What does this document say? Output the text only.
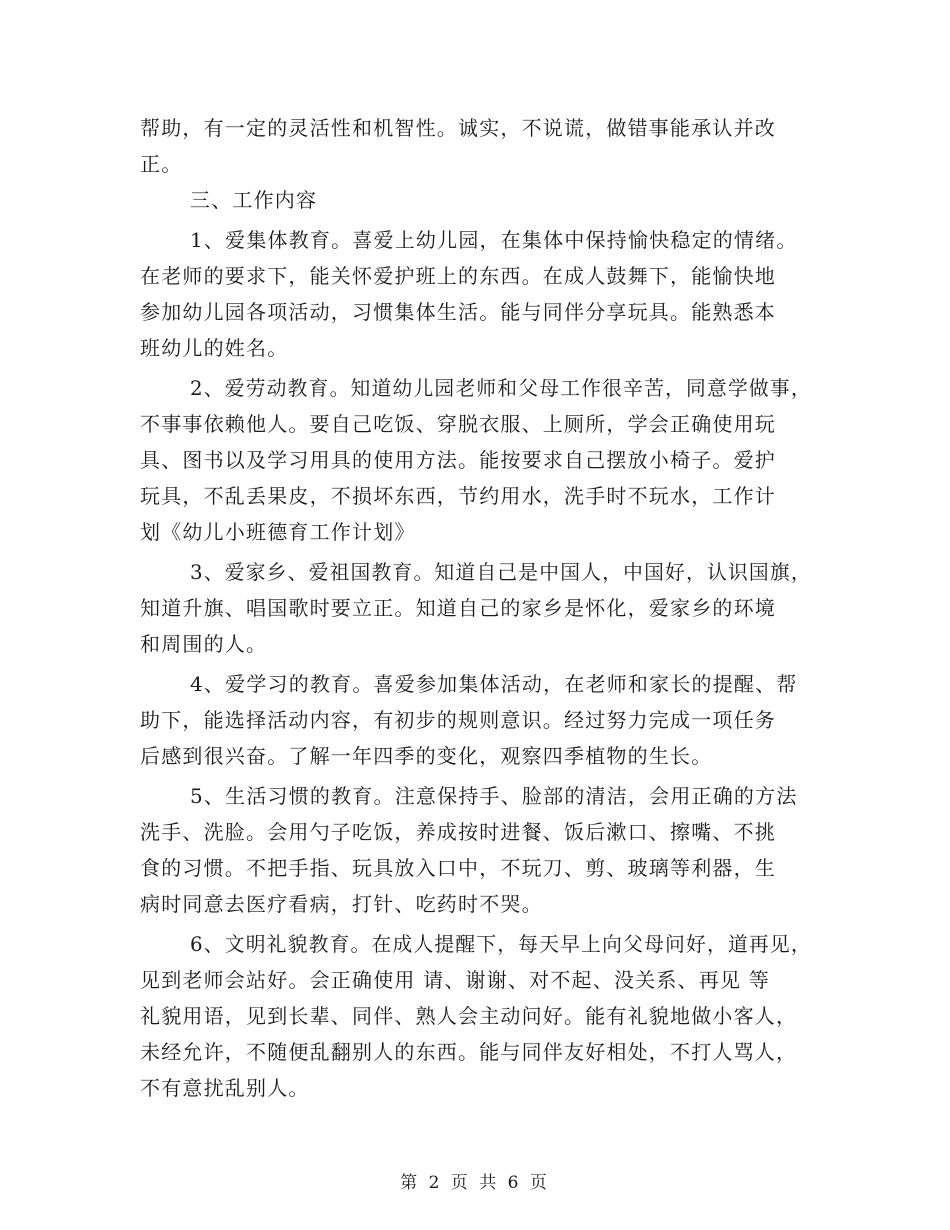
帮助，有一定的灵活性和机智性。诚实，不说谎，做错事能承认并改
正。
三、工作内容
1、爱集体教育。喜爱上幼儿园，在集体中保持愉快稳定的情绪。
在老师的要求下，能关怀爱护班上的东西。在成人鼓舞下，能愉快地
参加幼儿园各项活动，习惯集体生活。能与同伴分享玩具。能熟悉本
班幼儿的姓名。
2、爱劳动教育。知道幼儿园老师和父母工作很辛苦，同意学做事，
不事事依赖他人。要自己吃饭、穿脱衣服、上厕所，学会正确使用玩
具、图书以及学习用具的使用方法。能按要求自己摆放小椅子。爱护
玩具，不乱丢果皮，不损坏东西，节约用水，洗手时不玩水，工作计
划《幼儿小班德育工作计划》
3、爱家乡、爱祖国教育。知道自己是中国人，中国好，认识国旗，
知道升旗、唱国歌时要立正。知道自己的家乡是怀化，爱家乡的环境
和周围的人。
4、爱学习的教育。喜爱参加集体活动，在老师和家长的提醒、帮
助下，能选择活动内容，有初步的规则意识。经过努力完成一项任务
后感到很兴奋。了解一年四季的变化，观察四季植物的生长。
5、生活习惯的教育。注意保持手、脸部的清洁，会用正确的方法
洗手、洗脸。会用勺子吃饭，养成按时进餐、饭后漱口、擦嘴、不挑
食的习惯。不把手指、玩具放入口中，不玩刀、剪、玻璃等利器，生
病时同意去医疗看病，打针、吃药时不哭。
6、文明礼貌教育。在成人提醒下，每天早上向父母问好，道再见，
见到老师会站好。会正确使用 请、谢谢、对不起、没关系、再见 等
礼貌用语，见到长辈、同伴、熟人会主动问好。能有礼貌地做小客人，
未经允许，不随便乱翻别人的东西。能与同伴友好相处，不打人骂人，
不有意扰乱别人。
第 2 页 共 6 页
